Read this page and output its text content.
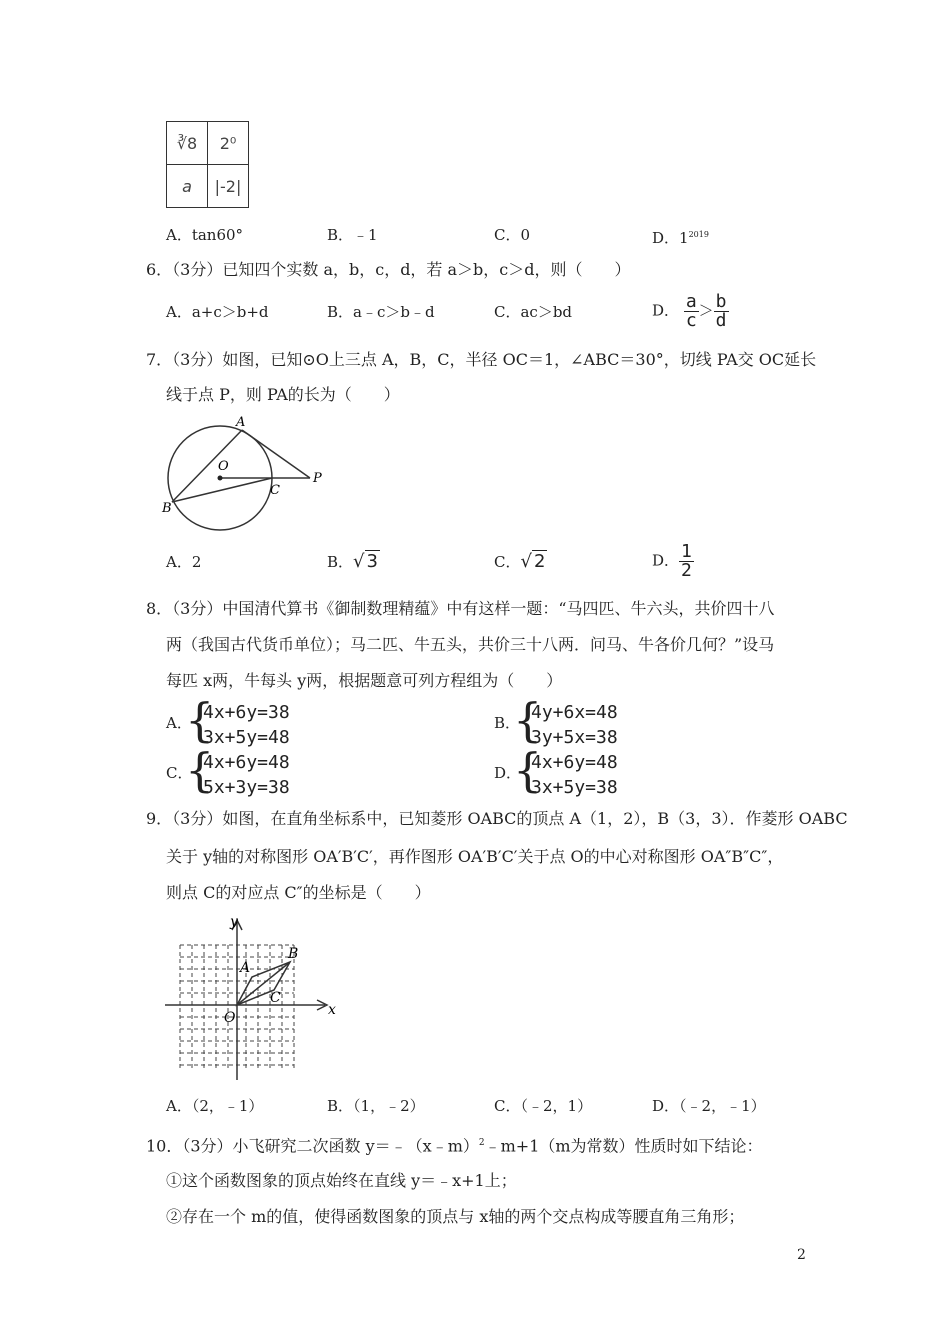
∛8	2⁰
a	|-2|
A．tan60°	B．﹣1	C．0	D．$1^{2019}$
6．（3分）已知四个实数 a，b，c，d，若 a＞b，c＞d，则（　　）
A．a+c＞b+d	B．a﹣c＞b﹣d	C．ac＞bd	D． $\frac{a}{c} > \frac{b}{d}$
7．（3分）如图，已知⊙O上三点 A，B，C，半径 OC＝1，∠ABC＝30°，切线 PA交 OC延长
线于点 P，则 PA的长为（　　）
A
O
B
C
P
A．2	B．√ 3	C．√ 2	D． $\frac{1}{2}$
8．（3分）中国清代算书《御制数理精蕴》中有这样一题：“马四匹、牛六头，共价四十八
两（我国古代货币单位）；马二匹、牛五头，共价三十八两．问马、牛各价几何？”设马
每匹 x两，牛每头 y两，根据题意可列方程组为（　　）
A．
{
4x+6y=38
3x+5y=48
B．
{
4y+6x=48
3y+5x=38
C．
{
4x+6y=48
5x+3y=38
D．
{
4x+6y=48
3x+5y=38
9．（3分）如图，在直角坐标系中，已知菱形 OABC的顶点 A（1，2），B（3，3）．作菱形 OABC
关于 y轴的对称图形 OA′B′C′，再作图形 OA′B′C′关于点 O的中心对称图形 OA″B″C″，
则点 C的对应点 C″的坐标是（　　）
y
x
O
A
B
C
A．（2，﹣1）	B．（1，﹣2）	C．（﹣2，1）	D．（﹣2，﹣1）
10．（3分）小飞研究二次函数 y＝﹣（x﹣m）$^2$﹣m+1（m为常数）性质时如下结论：
①这个函数图象的顶点始终在直线 y＝﹣x+1上；
②存在一个 m的值，使得函数图象的顶点与 x轴的两个交点构成等腰直角三角形；
2
